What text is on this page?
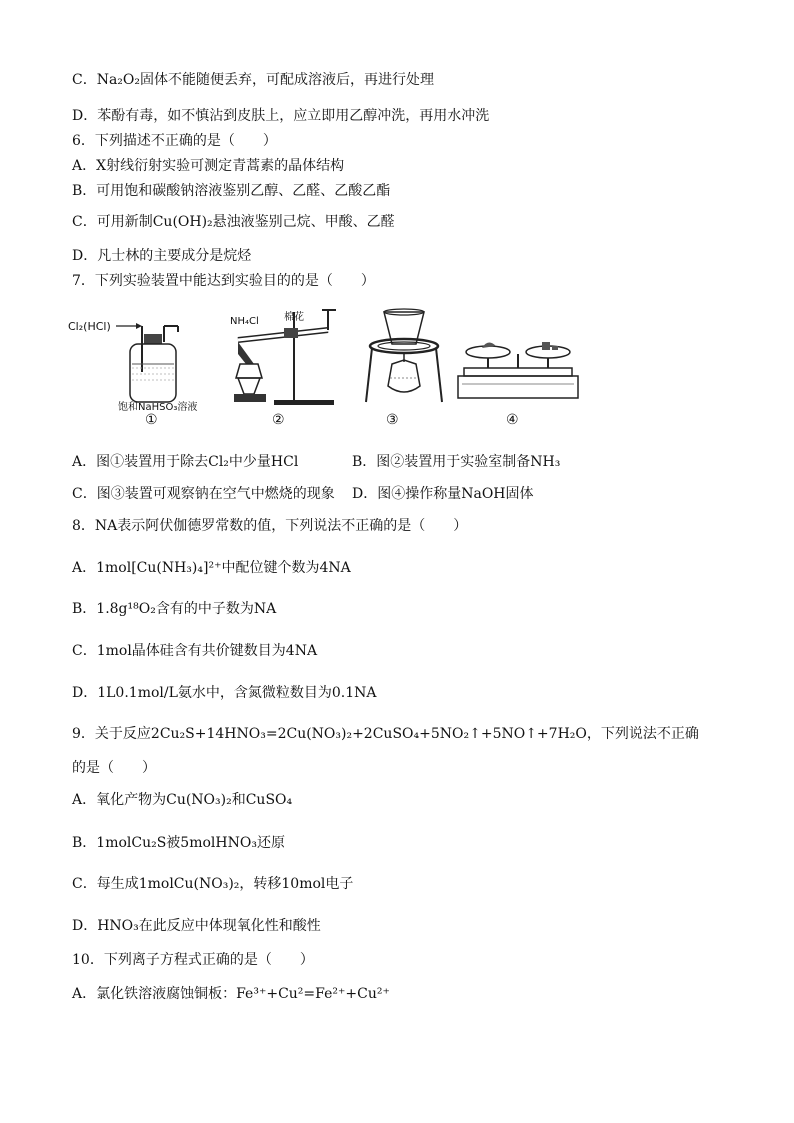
C．Na₂O₂固体不能随便丢弃，可配成溶液后，再进行处理
D．苯酚有毒，如不慎沾到皮肤上，应立即用乙醇冲洗，再用水冲洗
6．下列描述不正确的是（　　）
A．X射线衍射实验可测定青蒿素的晶体结构
B．可用饱和碳酸钠溶液鉴别乙醇、乙醛、乙酸乙酯
C．可用新制Cu(OH)₂悬浊液鉴别己烷、甲酸、乙醛
D．凡士林的主要成分是烷烃
7．下列实验装置中能达到实验目的的是（　　）
Cl₂(HCl)
饱和NaHSO₃溶液
①
NH₄Cl	棉花
②	③	④
A．图①装置用于除去Cl₂中少量HCl	B．图②装置用于实验室制备NH₃
C．图③装置可观察钠在空气中燃烧的现象 D．图④操作称量NaOH固体
8．NA表示阿伏伽德罗常数的值，下列说法不正确的是（　　）
A．1mol[Cu(NH₃)₄]²⁺中配位键个数为4NA
B．1.8g¹⁸O₂含有的中子数为NA
C．1mol晶体硅含有共价键数目为4NA
D．1L0.1mol/L氨水中，含氮微粒数目为0.1NA
9．关于反应2Cu₂S+14HNO₃=2Cu(NO₃)₂+2CuSO₄+5NO₂↑+5NO↑+7H₂O，下列说法不正确
的是（　　）
A．氧化产物为Cu(NO₃)₂和CuSO₄
B．1molCu₂S被5molHNO₃还原
C．每生成1molCu(NO₃)₂，转移10mol电子
D．HNO₃在此反应中体现氧化性和酸性
10．下列离子方程式正确的是（　　）
A．氯化铁溶液腐蚀铜板：Fe³⁺+Cu²=Fe²⁺+Cu²⁺
